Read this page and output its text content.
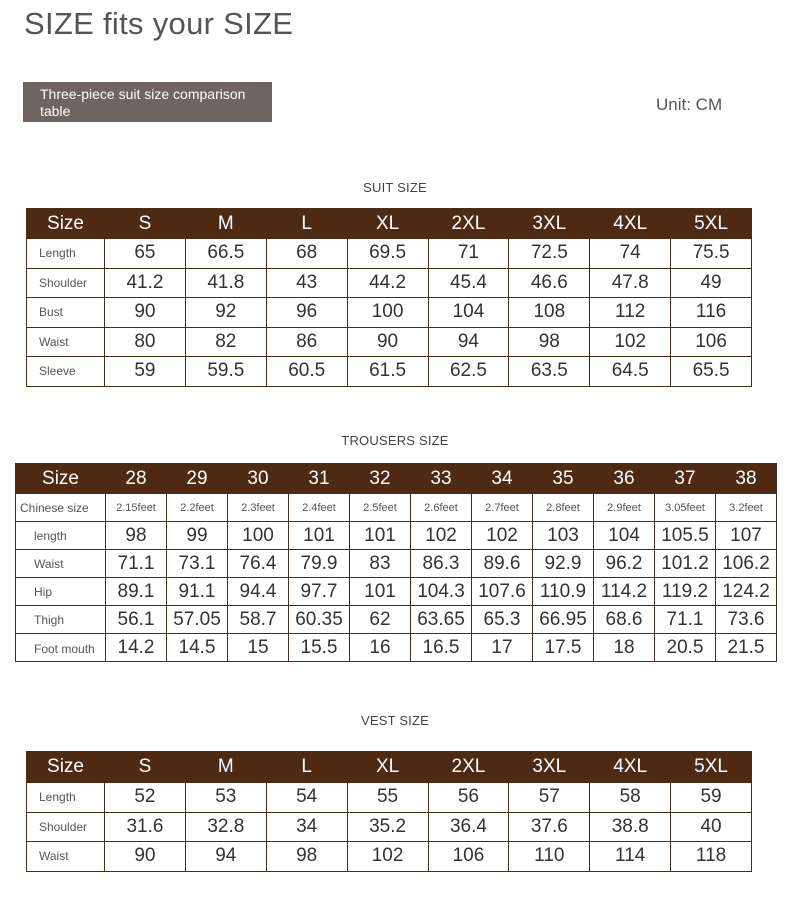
SIZE fits your SIZE
Three-piece suit size comparison table	Unit: CM
SUIT SIZE
Size	S	M	L	XL	2XL	3XL	4XL	5XL
Length	65	66.5	68	69.5	71	72.5	74	75.5
Shoulder	41.2	41.8	43	44.2	45.4	46.6	47.8	49
Bust	90	92	96	100	104	108	112	116
Waist	80	82	86	90	94	98	102	106
Sleeve	59	59.5	60.5	61.5	62.5	63.5	64.5	65.5
TROUSERS SIZE
Size	28	29	30	31	32	33	34	35	36	37	38
Chinese size	2.15feet	2.2feet	2.3feet	2.4feet	2.5feet	2.6feet	2.7feet	2.8feet	2.9feet	3.05feet	3.2feet
length	98	99	100	101	101	102	102	103	104	105.5	107
Waist	71.1	73.1	76.4	79.9	83	86.3	89.6	92.9	96.2	101.2	106.2
Hip	89.1	91.1	94.4	97.7	101	104.3	107.6	110.9	114.2	119.2	124.2
Thigh	56.1	57.05	58.7	60.35	62	63.65	65.3	66.95	68.6	71.1	73.6
Foot mouth	14.2	14.5	15	15.5	16	16.5	17	17.5	18	20.5	21.5
VEST SIZE
Size	S	M	L	XL	2XL	3XL	4XL	5XL
Length	52	53	54	55	56	57	58	59
Shoulder	31.6	32.8	34	35.2	36.4	37.6	38.8	40
Waist	90	94	98	102	106	110	114	118
